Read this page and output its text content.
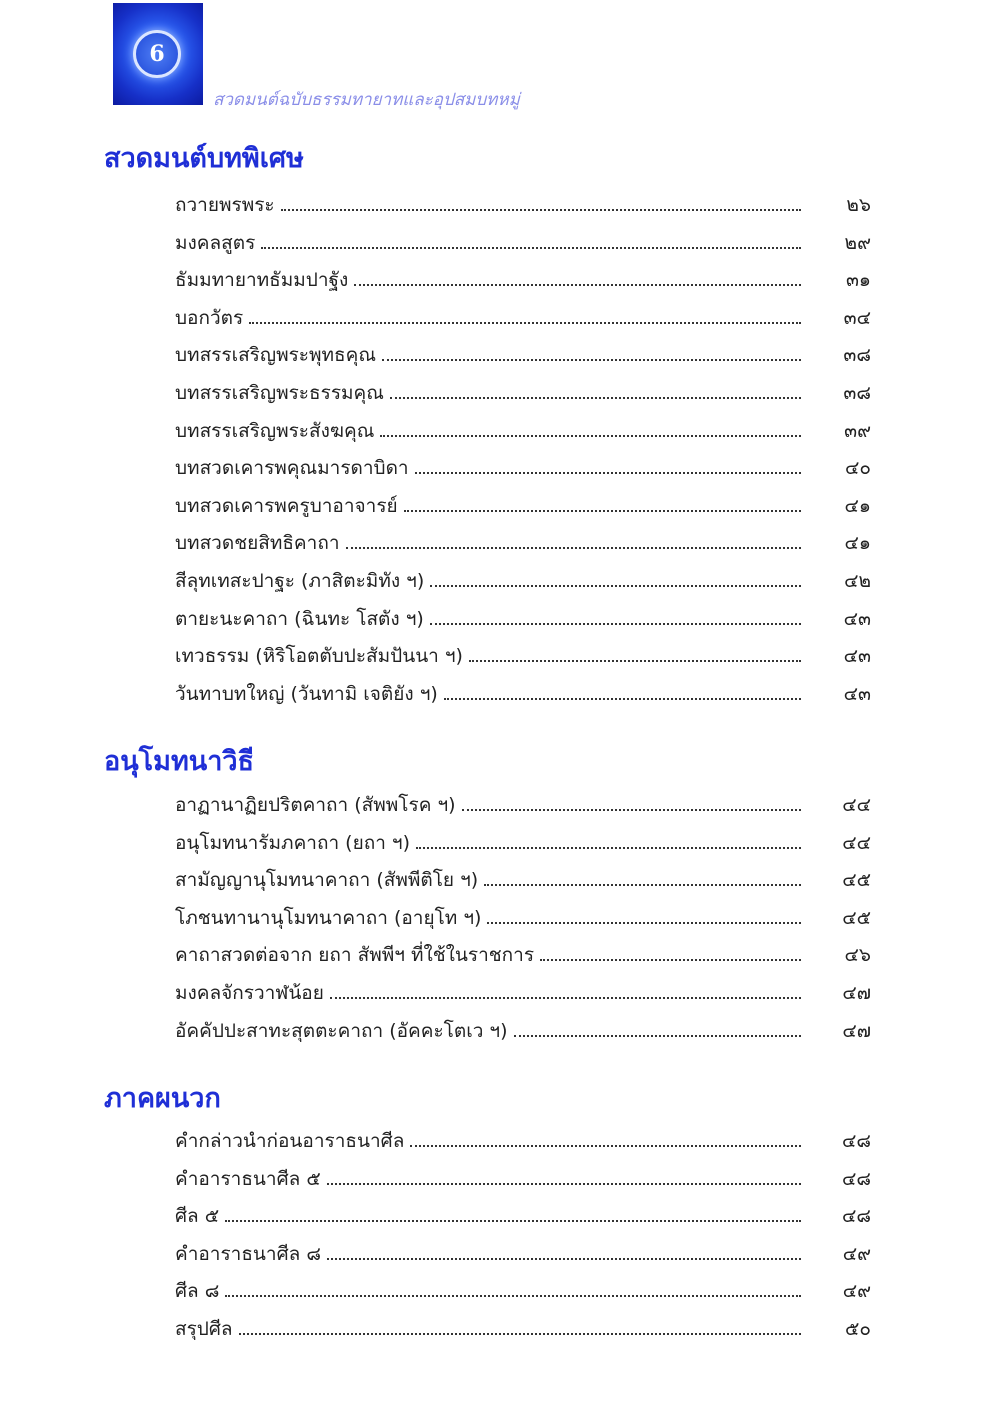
6
สวดมนต์ฉบับธรรมทายาทและอุปสมบทหมู่
สวดมนต์บทพิเศษ
ถวายพรพระ	๒๖
มงคลสูตร	๒๙
ธัมมทายาทธัมมปาฐัง	๓๑
บอกวัตร	๓๔
บทสรรเสริญพระพุทธคุณ	๓๘
บทสรรเสริญพระธรรมคุณ	๓๘
บทสรรเสริญพระสังฆคุณ	๓๙
บทสวดเคารพคุณมารดาบิดา	๔๐
บทสวดเคารพครูบาอาจารย์	๔๑
บทสวดชยสิทธิคาถา	๔๑
สีลุทเทสะปาฐะ (ภาสิตะมิทัง ฯ)	๔๒
ตายะนะคาถา (ฉินทะ โสตัง ฯ)	๔๓
เทวธรรม (หิริโอตตับปะสัมปันนา ฯ)	๔๓
วันทาบทใหญ่ (วันทามิ เจติยัง ฯ)	๔๓
อนุโมทนาวิธี
อาฏานาฏิยปริตคาถา (สัพพโรค ฯ)	๔๔
อนุโมทนารัมภคาถา (ยถา ฯ)	๔๔
สามัญญานุโมทนาคาถา (สัพพีติโย ฯ)	๔๕
โภชนทานานุโมทนาคาถา (อายุโท ฯ)	๔๕
คาถาสวดต่อจาก ยถา สัพพีฯ ที่ใช้ในราชการ	๔๖
มงคลจักรวาฬน้อย	๔๗
อัคคัปปะสาทะสุตตะคาถา (อัคคะโตเว ฯ)	๔๗
ภาคผนวก
คำกล่าวนำก่อนอาราธนาศีล	๔๘
คำอาราธนาศีล ๕	๔๘
ศีล ๕	๔๘
คำอาราธนาศีล ๘	๔๙
ศีล ๘	๔๙
สรุปศีล	๕๐
